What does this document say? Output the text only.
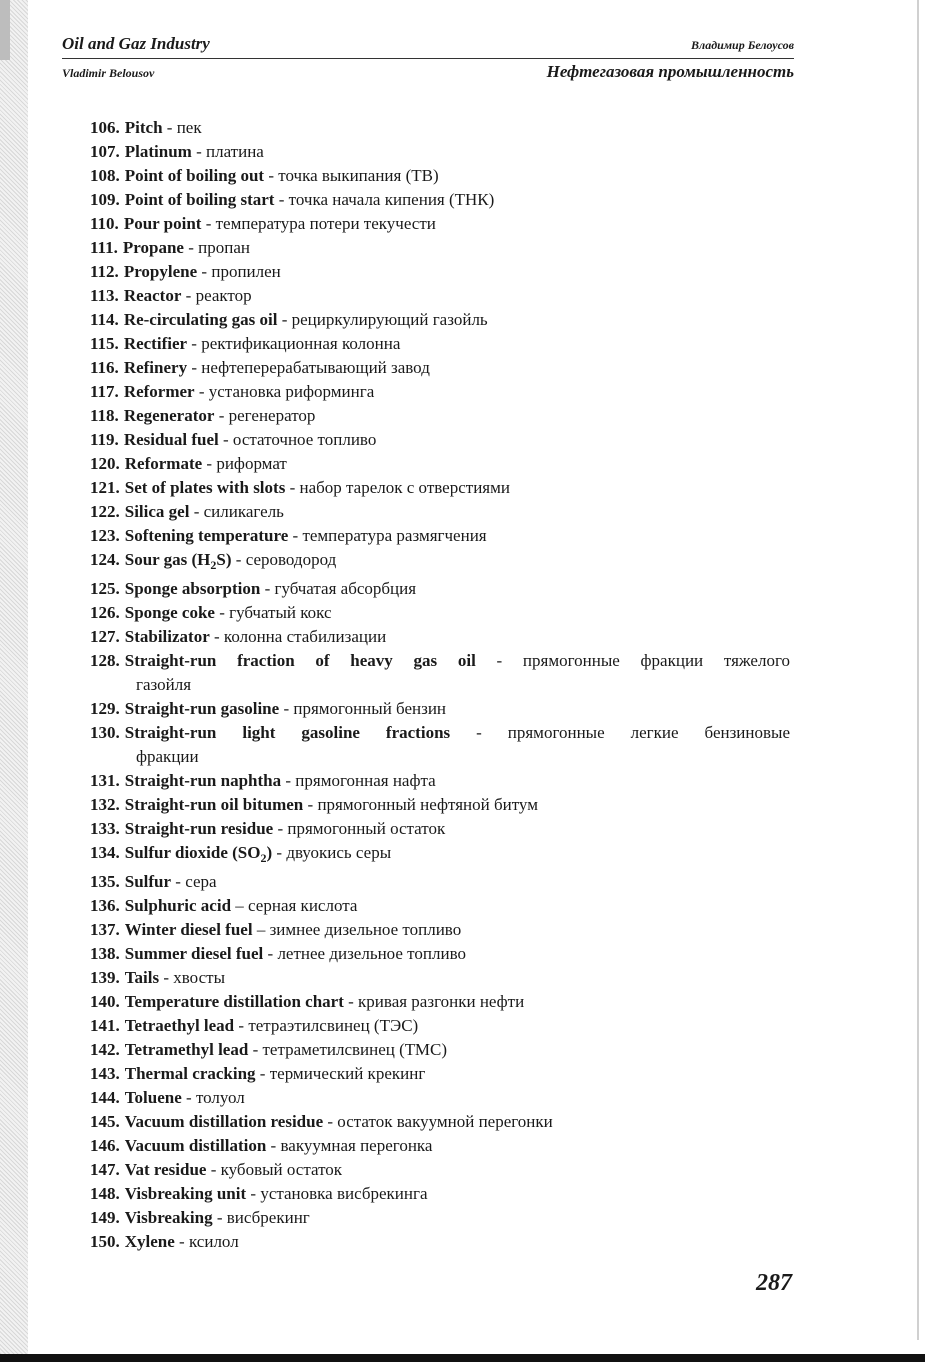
Oil and Gaz Industry	Владимир Белоусов
Vladimir Belousov	Нефтегазовая промышленность
106. Pitch - пек
107. Platinum - платина
108. Point of boiling out - точка выкипания (ТВ)
109. Point of boiling start - точка начала кипения (ТНК)
110. Pour point - температура потери текучести
111. Propane - пропан
112. Propylene - пропилен
113. Reactor - реактор
114. Re-circulating gas oil - рециркулирующий газойль
115. Rectifier - ректификационная колонна
116. Refinery - нефтеперерабатывающий завод
117. Reformer - установка риформинга
118. Regenerator - регенератор
119. Residual fuel - остаточное топливо
120. Reformate - риформат
121. Set of plates with slots - набор тарелок с отверстиями
122. Silica gel - силикагель
123. Softening temperature - температура размягчения
124. Sour gas $(H_2S)$ - сероводород
125. Sponge absorption - губчатая абсорбция
126. Sponge coke - губчатый кокс
127. Stabilizator - колонна стабилизации
128. Straight-run fraction of heavy gas oil - прямогонные фракции тяжелого
газойля
129. Straight-run gasoline - прямогонный бензин
130. Straight-run light gasoline fractions - прямогонные легкие бензиновые
фракции
131. Straight-run naphtha - прямогонная нафта
132. Straight-run oil bitumen - прямогонный нефтяной битум
133. Straight-run residue - прямогонный остаток
134. Sulfur dioxide $(SO_2)$ - двуокись серы
135. Sulfur - сера
136. Sulphuric acid – серная кислота
137. Winter diesel fuel – зимнее дизельное топливо
138. Summer diesel fuel - летнее дизельное топливо
139. Tails - хвосты
140. Temperature distillation chart - кривая разгонки нефти
141. Tetraethyl lead - тетраэтилсвинец (ТЭС)
142. Tetramethyl lead - тетраметилсвинец (ТМС)
143. Thermal cracking - термический крекинг
144. Toluene - толуол
145. Vacuum distillation residue - остаток вакуумной перегонки
146. Vacuum distillation - вакуумная перегонка
147. Vat residue - кубовый остаток
148. Visbreaking unit - установка висбрекинга
149. Visbreaking - висбрекинг
150. Xylene - ксилол
287
